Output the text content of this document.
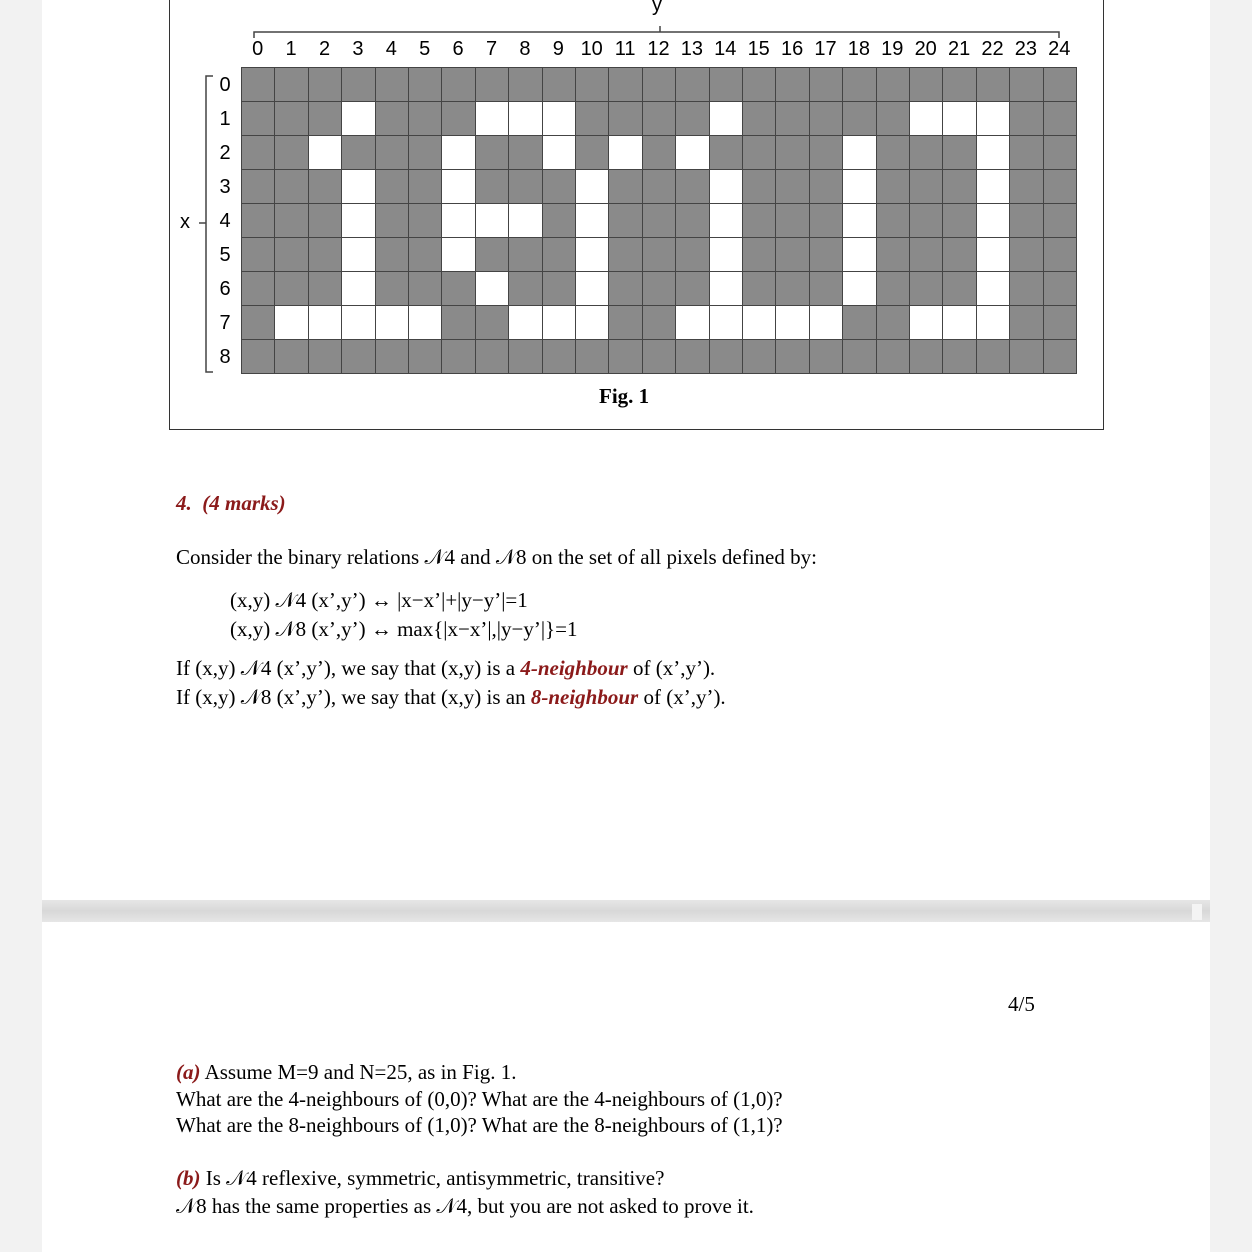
y
0	1	2	3	4	5	6	7	8	9 10 11 12 13 14 15 16 17 18 19 20 21 22 23 24
x
0
1
2
3
4
5
6
7
8
Fig. 1
4. (4 marks)
Consider the binary relations 𝒩4 and 𝒩8 on the set of all pixels defined by:
(x,y) 𝒩4 (x’,y’) ↔ |x−x’|+|y−y’|=1
(x,y) 𝒩8 (x’,y’) ↔ max{|x−x’|,|y−y’|}=1
If (x,y) 𝒩4 (x’,y’), we say that (x,y) is a 4-neighbour of (x’,y’).
If (x,y) 𝒩8 (x’,y’), we say that (x,y) is an 8-neighbour of (x’,y’).
4/5
(a) Assume M=9 and N=25, as in Fig. 1.
What are the 4-neighbours of (0,0)? What are the 4-neighbours of (1,0)?
What are the 8-neighbours of (1,0)? What are the 8-neighbours of (1,1)?
(b) Is 𝒩4 reflexive, symmetric, antisymmetric, transitive?
𝒩8 has the same properties as 𝒩4, but you are not asked to prove it.
